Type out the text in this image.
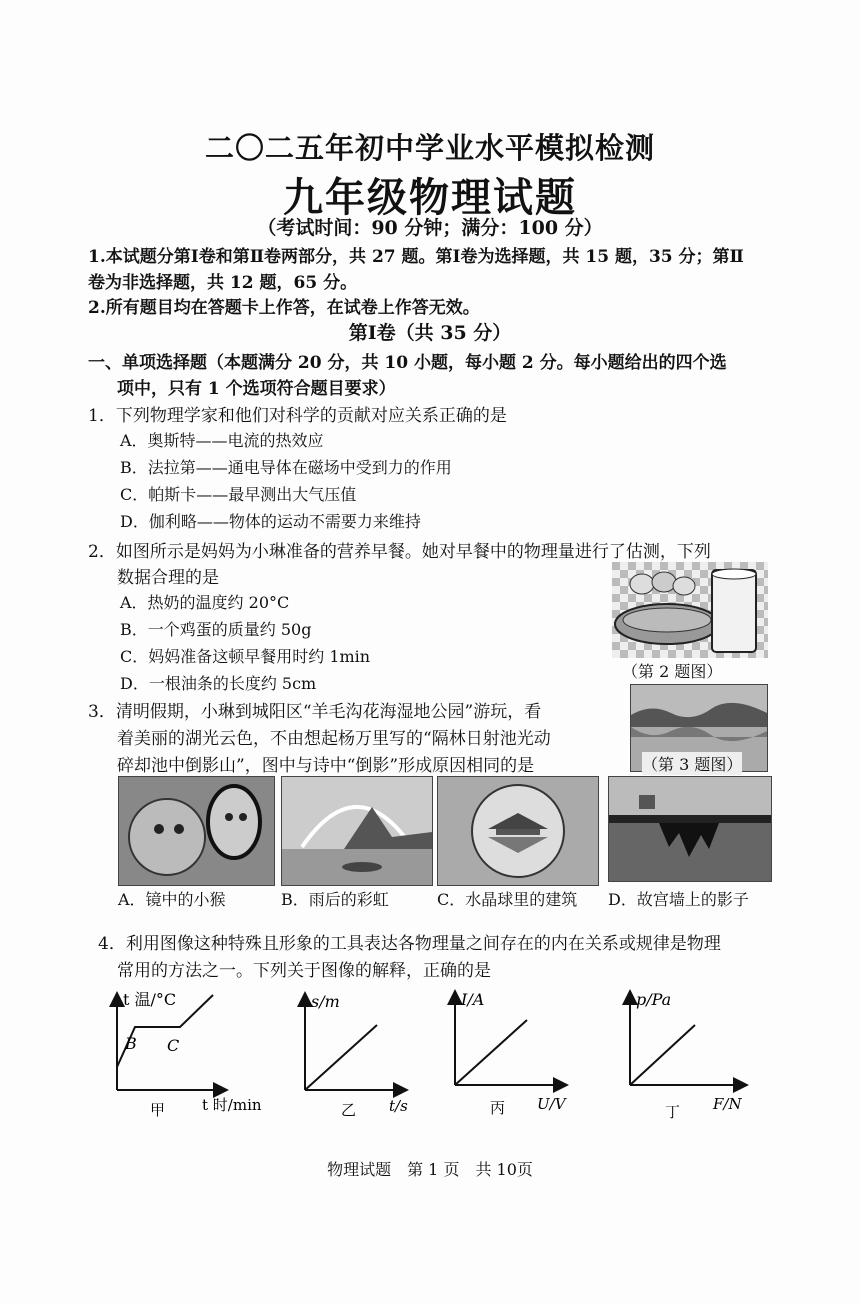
二〇二五年初中学业水平模拟检测
九年级物理试题
（考试时间：90 分钟；满分：100 分）
1.本试题分第Ⅰ卷和第Ⅱ卷两部分，共 27 题。第Ⅰ卷为选择题，共 15 题，35 分；第Ⅱ
卷为非选择题，共 12 题，65 分。
2.所有题目均在答题卡上作答，在试卷上作答无效。
第Ⅰ卷（共 35 分）
一、单项选择题（本题满分 20 分，共 10 小题，每小题 2 分。每小题给出的四个选
项中，只有 1 个选项符合题目要求）
1．下列物理学家和他们对科学的贡献对应关系正确的是
A．奥斯特——电流的热效应
B．法拉第——通电导体在磁场中受到力的作用
C．帕斯卡——最早测出大气压值
D．伽利略——物体的运动不需要力来维持
2．如图所示是妈妈为小琳准备的营养早餐。她对早餐中的物理量进行了估测，下列
数据合理的是
A．热奶的温度约 20°C
B．一个鸡蛋的质量约 50g
C．妈妈准备这顿早餐用时约 1min
D．一根油条的长度约 5cm
（第 2 题图）
3．清明假期，小琳到城阳区“羊毛沟花海湿地公园”游玩，看
着美丽的湖光云色，不由想起杨万里写的“隔林日射池光动
碎却池中倒影山”，图中与诗中“倒影”形成原因相同的是	（第 3 题图）
A．镜中的小猴	B．雨后的彩虹	C．水晶球里的建筑 D．故宫墙上的影子
4．利用图像这种特殊且形象的工具表达各物理量之间存在的内在关系或规律是物理
常用的方法之一。下列关于图像的解释，正确的是
t 温/°C
B C
t 时/min
甲
s/m
t/s
乙
I/A
U/V
丙
p/Pa
F/N
丁
物理试题　第 1 页　共 10页
